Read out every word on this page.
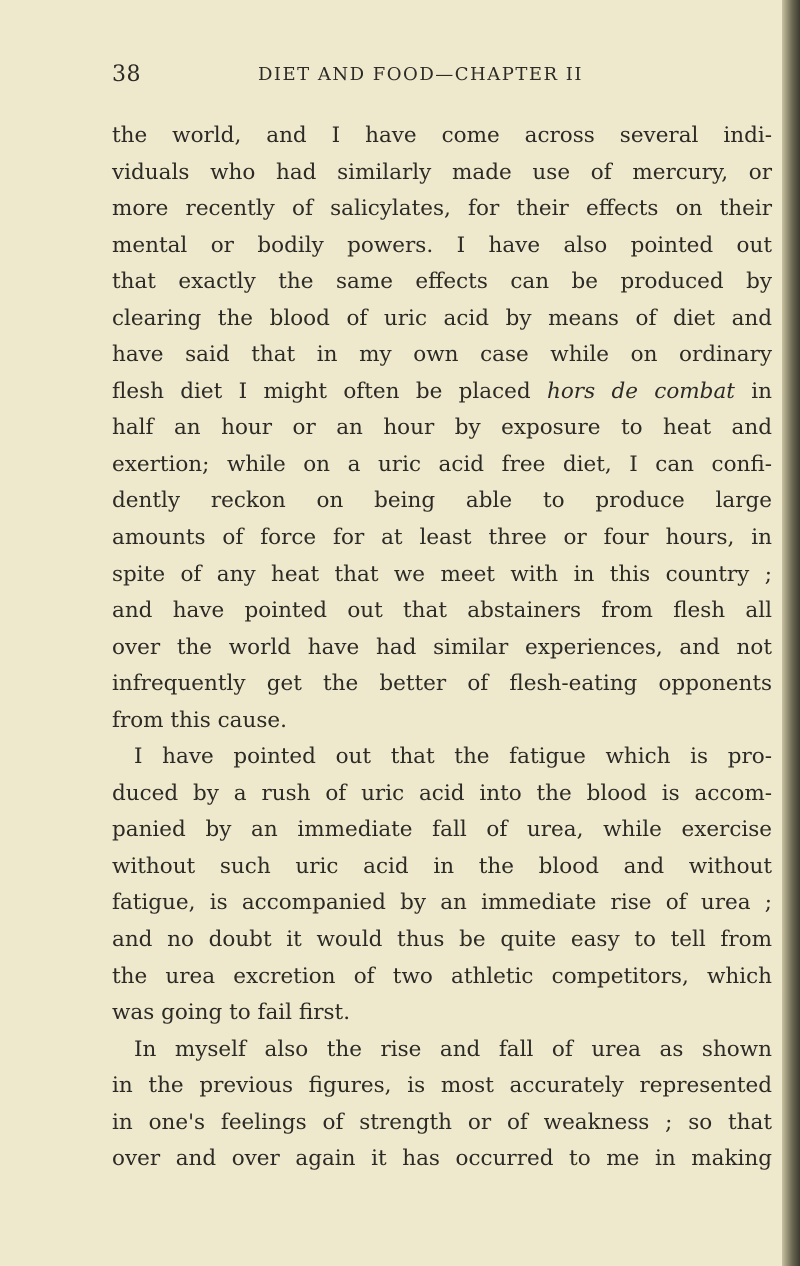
38	DIET AND FOOD—CHAPTER II
the world, and I have come across several indi-
viduals who had similarly made use of mercury, or
more recently of salicylates, for their effects on their
mental or bodily powers. I have also pointed out
that exactly the same effects can be produced by
clearing the blood of uric acid by means of diet and
have said that in my own case while on ordinary
flesh diet I might often be placed hors de combat in
half an hour or an hour by exposure to heat and
exertion; while on a uric acid free diet, I can confi-
dently reckon on being able to produce large
amounts of force for at least three or four hours, in
spite of any heat that we meet with in this country ;
and have pointed out that abstainers from flesh all
over the world have had similar experiences, and not
infrequently get the better of flesh-eating opponents
from this cause.
I have pointed out that the fatigue which is pro-
duced by a rush of uric acid into the blood is accom-
panied by an immediate fall of urea, while exercise
without such uric acid in the blood and without
fatigue, is accompanied by an immediate rise of urea ;
and no doubt it would thus be quite easy to tell from
the urea excretion of two athletic competitors, which
was going to fail first.
In myself also the rise and fall of urea as shown
in the previous figures, is most accurately represented
in one's feelings of strength or of weakness ; so that
over and over again it has occurred to me in making
